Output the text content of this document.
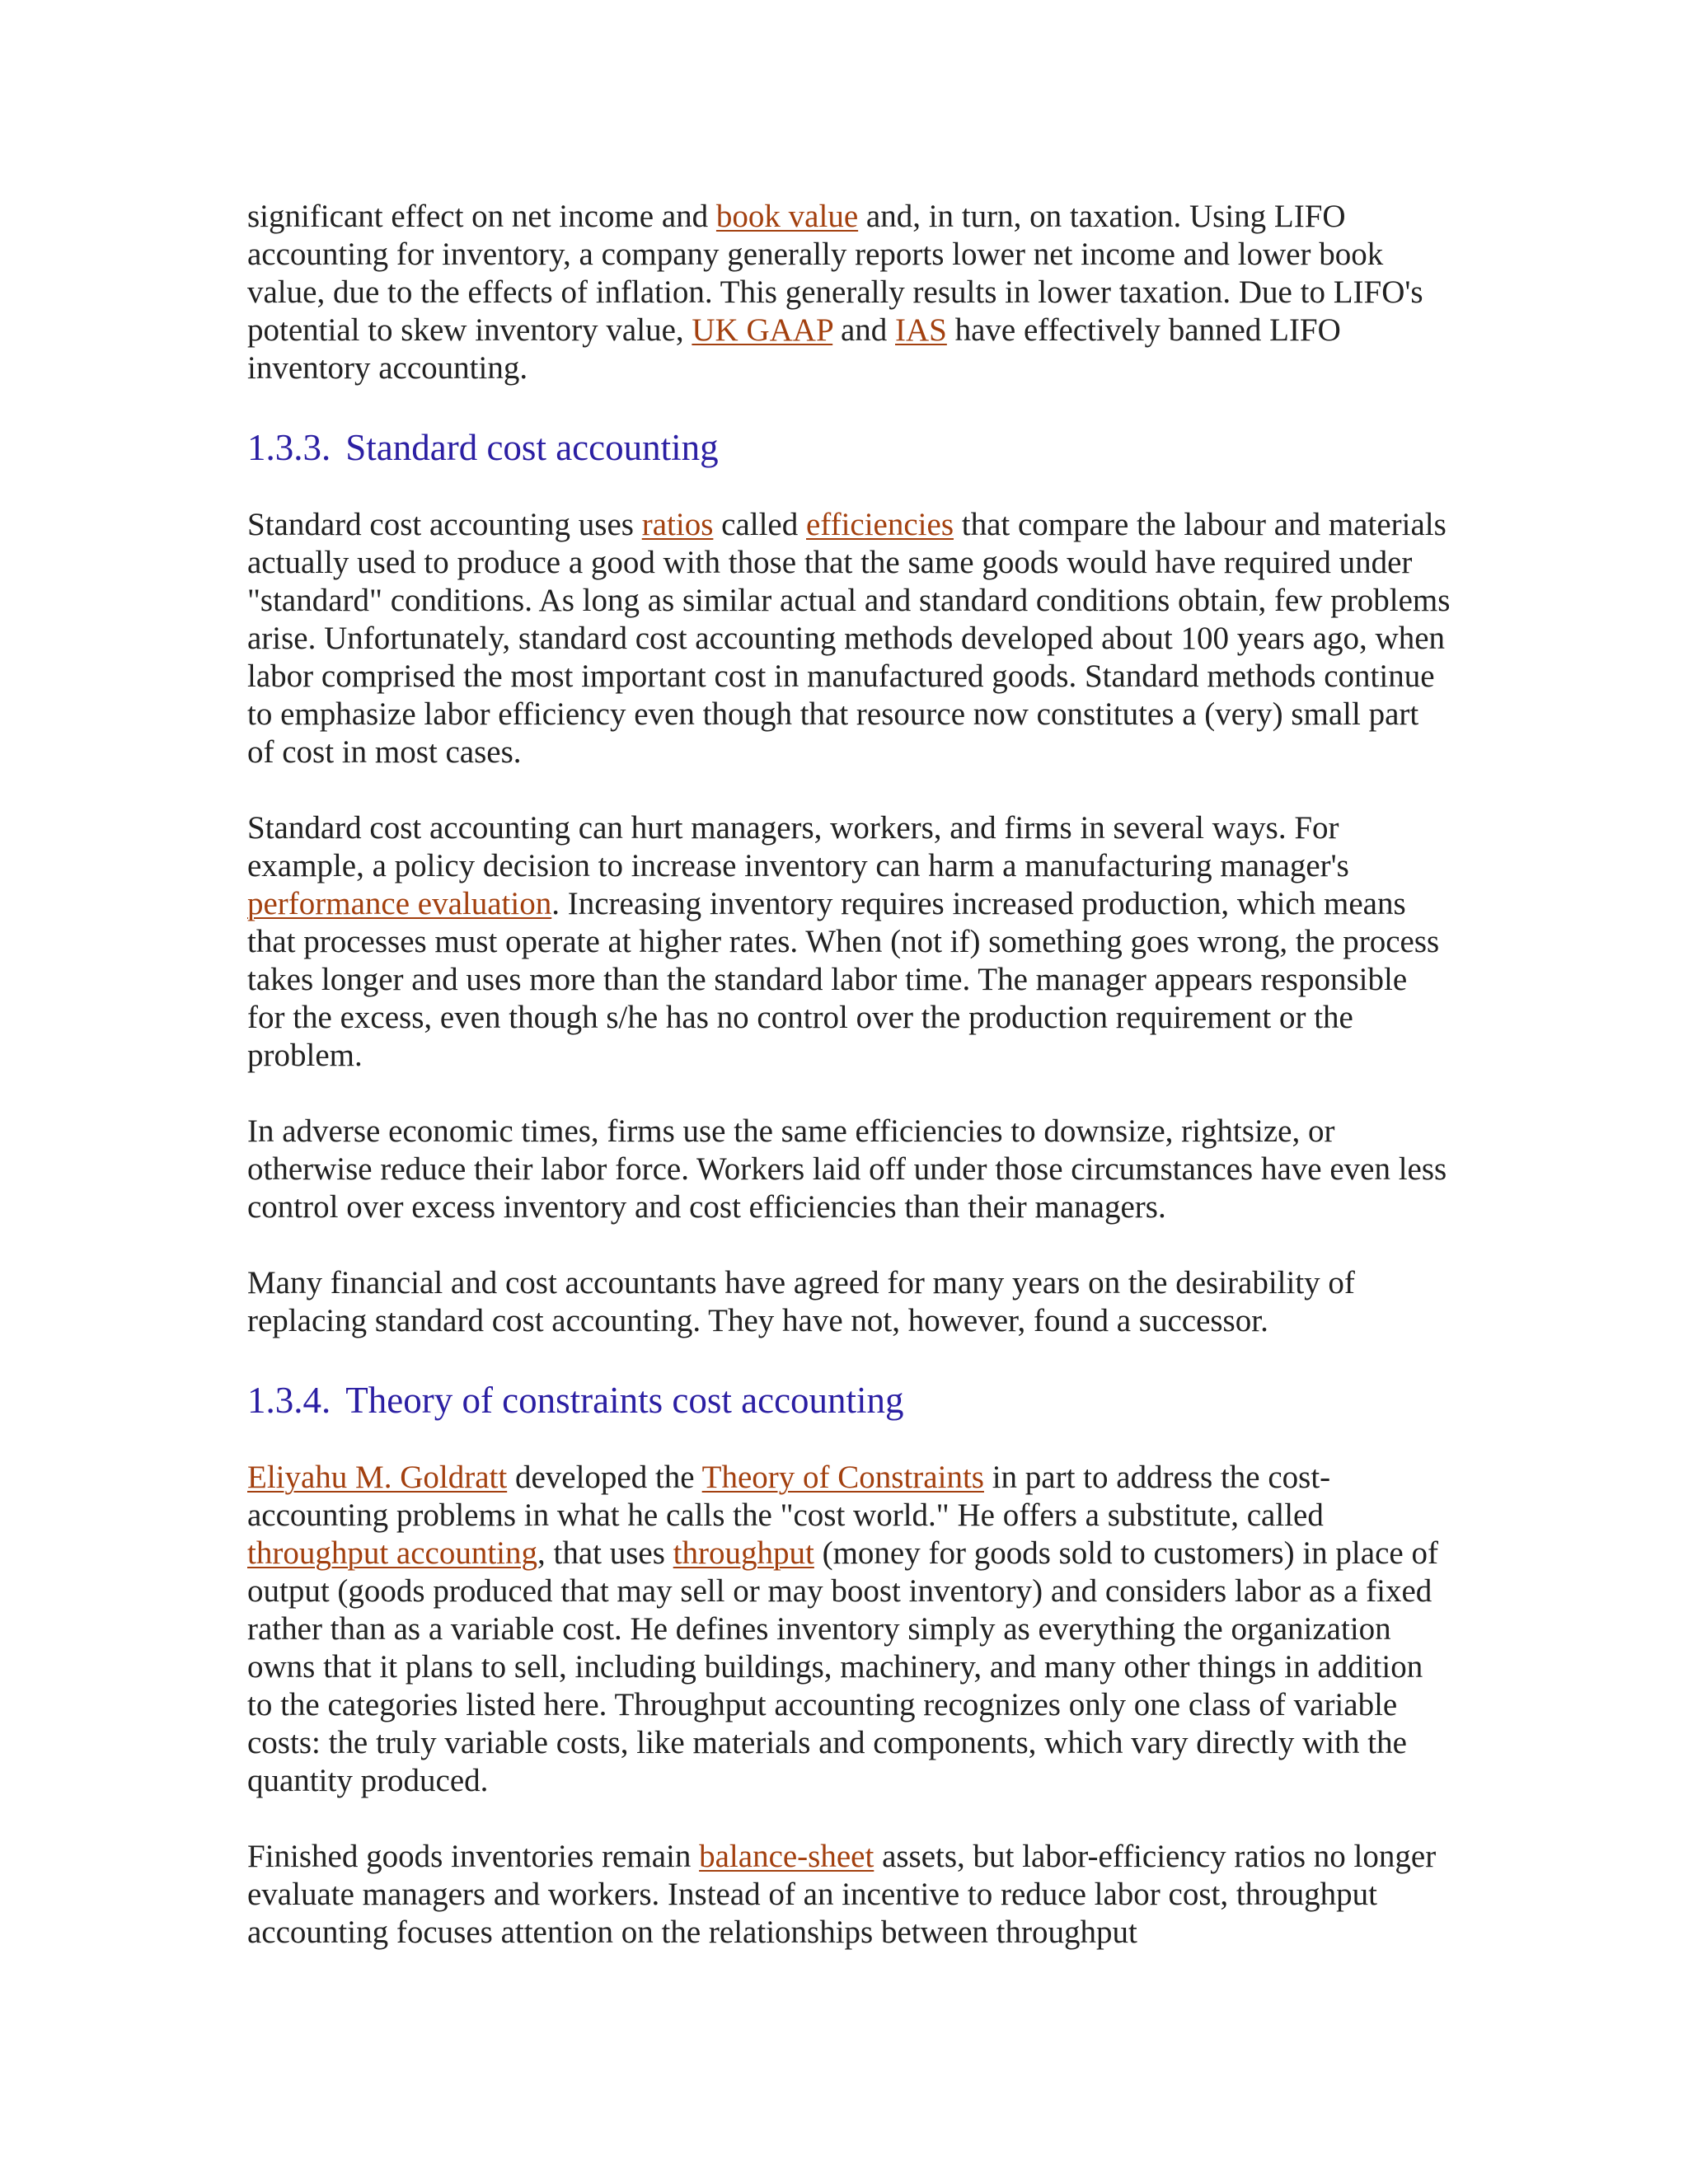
significant effect on net income and book value and, in turn, on taxation. Using LIFO accounting for inventory, a company generally reports lower net income and lower book value, due to the effects of inflation. This generally results in lower taxation. Due to LIFO's potential to skew inventory value, UK GAAP and IAS have effectively banned LIFO inventory accounting.

1.3.3. Standard cost accounting

Standard cost accounting uses ratios called efficiencies that compare the labour and materials actually used to produce a good with those that the same goods would have required under "standard" conditions. As long as similar actual and standard conditions obtain, few problems arise. Unfortunately, standard cost accounting methods developed about 100 years ago, when labor comprised the most important cost in manufactured goods. Standard methods continue to emphasize labor efficiency even though that resource now constitutes a (very) small part of cost in most cases.

Standard cost accounting can hurt managers, workers, and firms in several ways. For example, a policy decision to increase inventory can harm a manufacturing manager's performance evaluation. Increasing inventory requires increased production, which means that processes must operate at higher rates. When (not if) something goes wrong, the process takes longer and uses more than the standard labor time. The manager appears responsible for the excess, even though s/he has no control over the production requirement or the problem.

In adverse economic times, firms use the same efficiencies to downsize, rightsize, or otherwise reduce their labor force. Workers laid off under those circumstances have even less control over excess inventory and cost efficiencies than their managers.

Many financial and cost accountants have agreed for many years on the desirability of replacing standard cost accounting. They have not, however, found a successor.

1.3.4. Theory of constraints cost accounting

Eliyahu M. Goldratt developed the Theory of Constraints in part to address the cost-accounting problems in what he calls the "cost world." He offers a substitute, called throughput accounting, that uses throughput (money for goods sold to customers) in place of output (goods produced that may sell or may boost inventory) and considers labor as a fixed rather than as a variable cost. He defines inventory simply as everything the organization owns that it plans to sell, including buildings, machinery, and many other things in addition to the categories listed here. Throughput accounting recognizes only one class of variable costs: the truly variable costs, like materials and components, which vary directly with the quantity produced.

Finished goods inventories remain balance-sheet assets, but labor-efficiency ratios no longer evaluate managers and workers. Instead of an incentive to reduce labor cost, throughput accounting focuses attention on the relationships between throughput
